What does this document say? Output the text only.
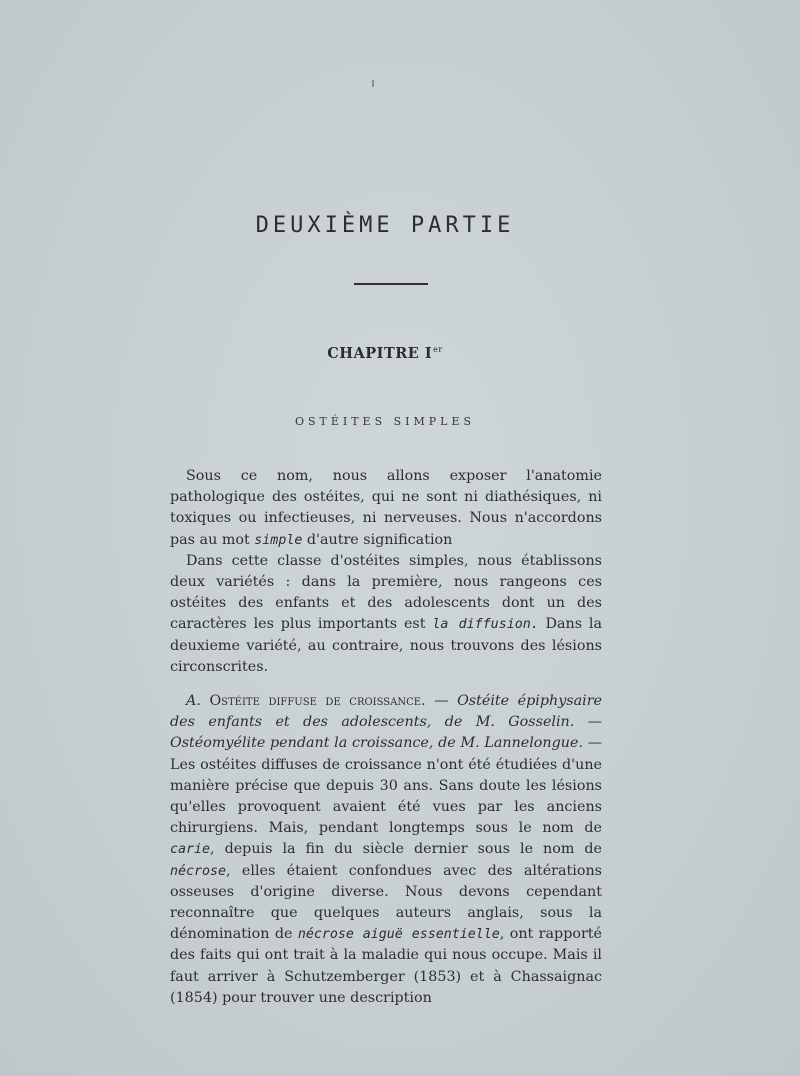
DEUXIÈME PARTIE
CHAPITRE Ier
OSTÉITES SIMPLES

Sous ce nom, nous allons exposer l'anatomie pathologique des ostéites, qui ne sont ni diathésiques, ni toxiques ou infectieuses, ni nerveuses. Nous n'accordons pas au mot simple d'autre signification

Dans cette classe d'ostéites simples, nous établissons deux variétés : dans la première, nous rangeons ces ostéites des enfants et des adolescents dont un des caractères les plus importants est la diffusion. Dans la deuxieme variété, au contraire, nous trouvons des lésions circonscrites.

A. Ostéite diffuse de croissance. — Ostéite épiphysaire des enfants et des adolescents, de M. Gosselin. — Ostéomyélite pendant la croissance, de M. Lannelongue. — Les ostéites diffuses de croissance n'ont été étudiées d'une manière précise que depuis 30 ans. Sans doute les lésions qu'elles provoquent avaient été vues par les anciens chirurgiens. Mais, pendant longtemps sous le nom de carie, depuis la fin du siècle dernier sous le nom de nécrose, elles étaient confondues avec des altérations osseuses d'origine diverse. Nous devons cependant reconnaître que quelques auteurs anglais, sous la dénomination de nécrose aiguë essentielle, ont rapporté des faits qui ont trait à la maladie qui nous occupe. Mais il faut arriver à Schutzemberger (1853) et à Chassaignac (1854) pour trouver une description
